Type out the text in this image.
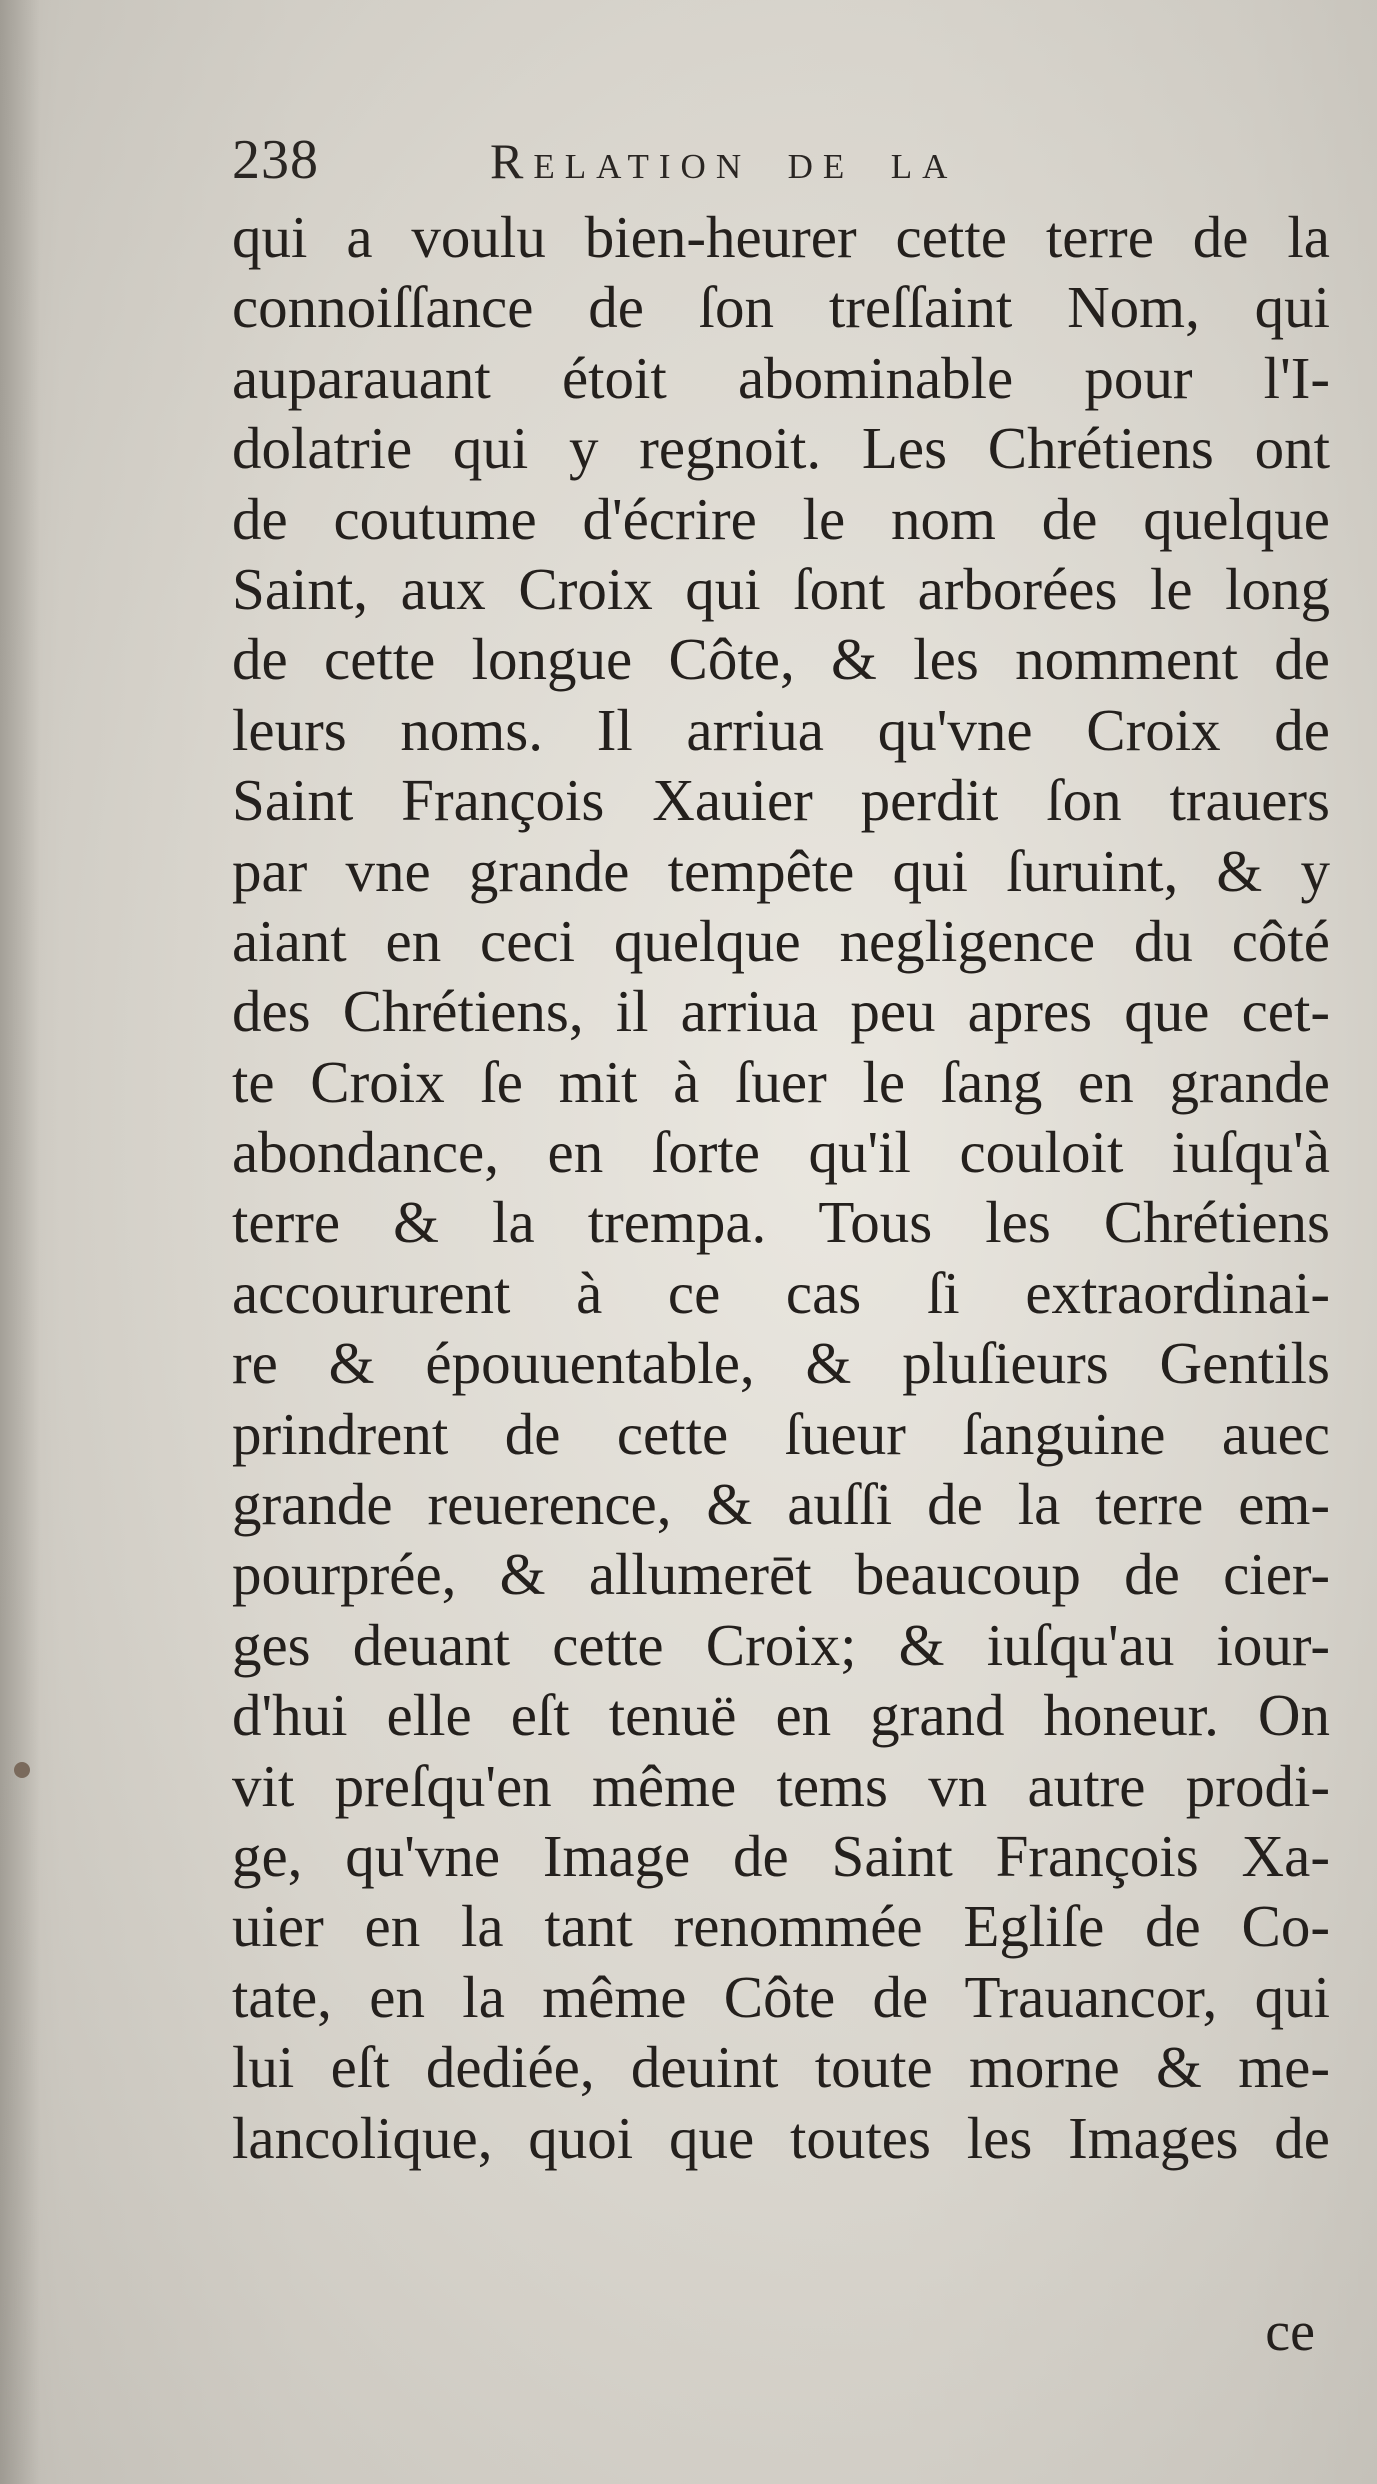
238	Relation de la
qui a voulu bien-heurer cette terre de la
connoiſſance de ſon treſſaint Nom, qui
auparauant étoit abominable pour l'I-
dolatrie qui y regnoit. Les Chrétiens ont
de coutume d'écrire le nom de quelque
Saint, aux Croix qui ſont arborées le long
de cette longue Côte, & les nomment de
leurs noms. Il arriua qu'vne Croix de
Saint François Xauier perdit ſon trauers
par vne grande tempête qui ſuruint, & y
aiant en ceci quelque negligence du côté
des Chrétiens, il arriua peu apres que cet-
te Croix ſe mit à ſuer le ſang en grande
abondance, en ſorte qu'il couloit iuſqu'à
terre & la trempa. Tous les Chrétiens
accoururent à ce cas ſi extraordinai-
re & épouuentable, & pluſieurs Gentils
prindrent de cette ſueur ſanguine auec
grande reuerence, & auſſi de la terre em-
pourprée, & allumerēt beaucoup de cier-
ges deuant cette Croix; & iuſqu'au iour-
d'hui elle eſt tenuë en grand honeur. On
vit preſqu'en même tems vn autre prodi-
ge, qu'vne Image de Saint François Xa-
uier en la tant renommée Egliſe de Co-
tate, en la même Côte de Trauancor, qui
lui eſt dediée, deuint toute morne & me-
lancolique, quoi que toutes les Images de
ce
